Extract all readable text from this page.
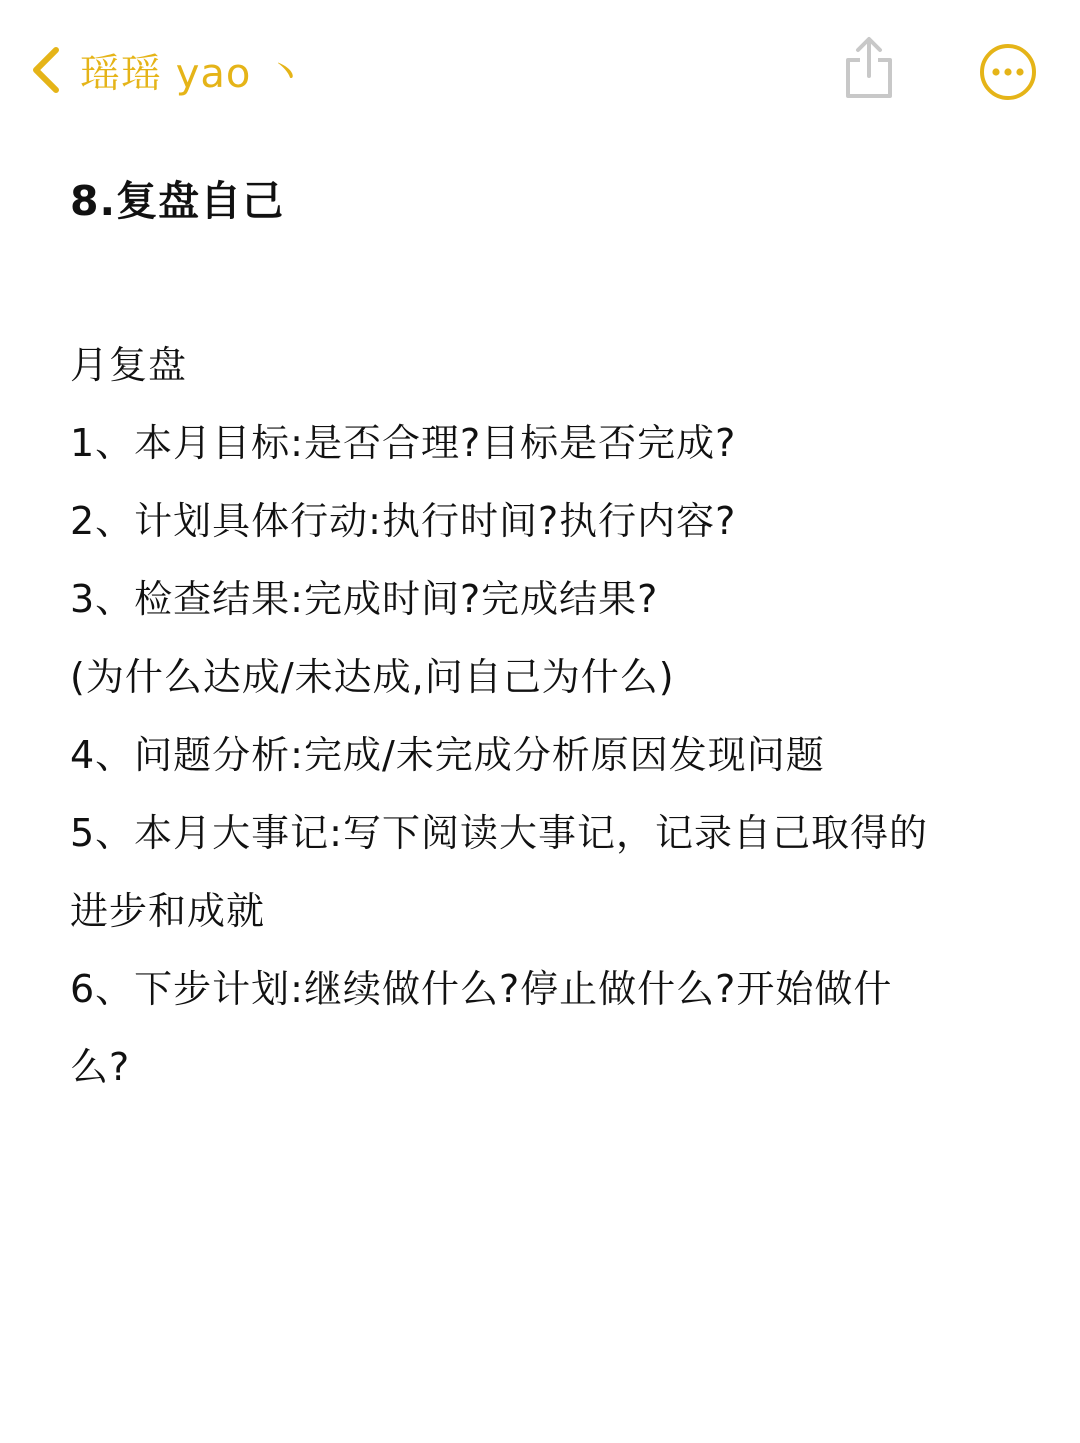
瑶瑶 yao 丶
8.复盘自己
月复盘
1、本月目标:是否合理?目标是否完成?
2、计划具体行动:执行时间?执行内容?
3、检查结果:完成时间?完成结果?
(为什么达成/未达成,问自己为什么)
4、问题分析:完成/未完成分析原因发现问题
5、本月大事记:写下阅读大事记，记录自己取得的
进步和成就
6、下步计划:继续做什么?停止做什么?开始做什
么?
